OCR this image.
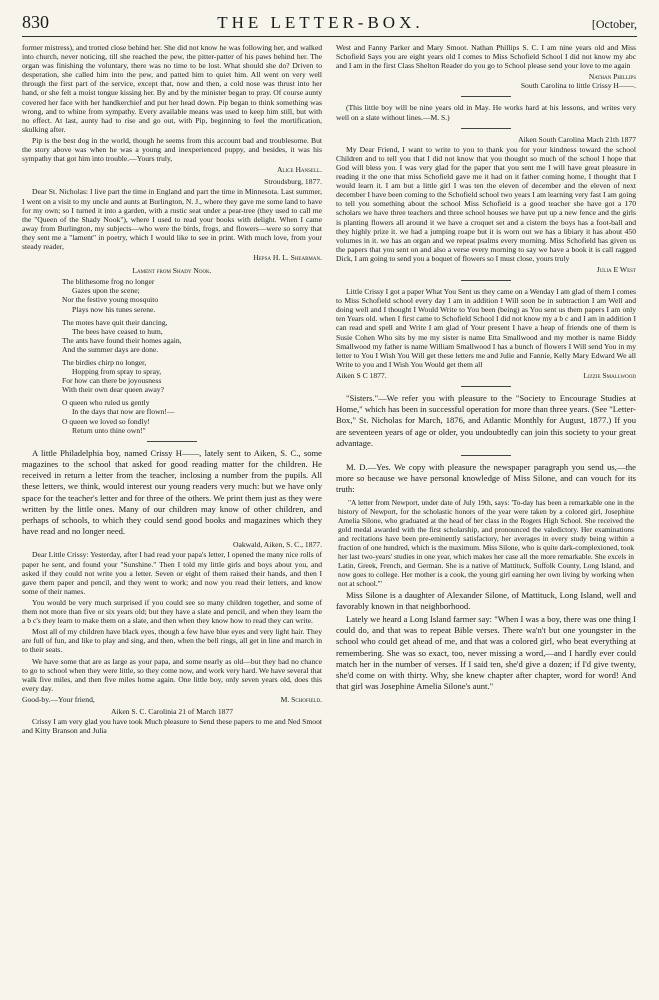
830	THE LETTER-BOX.	[October,

former mistress), and trotted close behind her. She did not know he was following her, and walked into church, never noticing, till she reached the pew, the pitter-patter of his paws behind her. The organ was finishing the voluntary, there was no time to be lost. What should she do? Driven to desperation, she called him into the pew, and patted him to quiet him. All went on very well through the first part of the service, except that, now and then, a cold nose was thrust into her hand, or she felt a moist tongue kissing her. By and by the minister began to pray. Of course aunty covered her face with her handkerchief and put her head down. Pip began to think something was wrong, and to whine from sympathy. Every available means was used to keep him still, but with no effect. At last, aunty had to rise and go out, with Pip, beginning to feel the mortification, skulking after.

Pip is the best dog in the world, though he seems from this account bad and troublesome. But the story above was when he was a young and inexperienced puppy, and besides, it was his sympathy that got him into trouble.—Yours truly,

Alice Hansell.
Stroudsburg, 1877.

Dear St. Nicholas: I live part the time in England and part the time in Minnesota. Last summer, I went on a visit to my uncle and aunts at Burlington, N. J., where they gave me some land to have for my own; so I turned it into a garden, with a rustic seat under a pear-tree (they used to call me the "Queen of the Shady Nook"), where I used to read your books with delight. When I came away from Burlington, my subjects—who were the birds, frogs, and flowers—were so sorry that they sent me a "lament" in poetry, which I would like to see in print. With much love, from your steady reader,

Hepsa H. L. Shearman.
Lament from Shady Nook.
The blithesome frog no longer
Gazes upon the scene;
Nor the festive young mosquito
Plays now his tunes serene.
The motes have quit their dancing,
The bees have ceased to hum,
The ants have found their homes again,
And the summer days are done.
The birdies chirp no longer,
Hopping from spray to spray,
For how can there be joyousness
With their own dear queen away?
O queen who ruled us gently
In the days that now are flown!—
O queen we loved so fondly!
Return unto thine own!"

A little Philadelphia boy, named Crissy H——, lately sent to Aiken, S. C., some magazines to the school that asked for good reading matter for the children. He received in return a letter from the teacher, inclosing a number from the pupils. All these letters, we think, would interest our young readers very much: but we have only space for the teacher's letter and for three of the others. We print them just as they were written by the little ones. Many of our children may know of other children, and perhaps of schools, to which they could send good books and magazines which they have read and no longer need.

Oakwald, Aiken, S. C., 1877.

Dear Little Crissy: Yesterday, after I had read your papa's letter, I opened the many nice rolls of paper he sent, and found your "Sunshine." Then I told my little girls and boys about you, and asked if they could not write you a letter. Seven or eight of them raised their hands, and then I gave them paper and pencil, and they went to work; and now you read their letters, and know some of their names.

You would be very much surprised if you could see so many children together, and some of them not more than five or six years old; but they have a slate and pencil, and when they learn the a b c's they learn to make them on a slate, and then when they know how to read they can write.

Most all of my children have black eyes, though a few have blue eyes and very light hair. They are full of fun, and like to play and sing, and then, when the bell rings, all get in line and march in to their seats.

We have some that are as large as your papa, and some nearly as old—but they had no chance to go to school when they were little, so they come now, and work very hard. We have several that walk five miles, and then five miles home again. One little boy, only seven years old, does this every day.

Good-by.—Your friend,	M. Schofield.
Aiken S. C. Carolinia 21 of March 1877

Crissy I am very glad you have took Much pleasure to Send these papers to me and Ned Smoot and Kitty Branson and Julia

West and Fanny Parker and Mary Smoot. Nathan Phillips S. C. I am nine years old and Miss Schofield Says you are eight years old I comes to Miss Schofield School I did not know my abc and I am in the first Class Shelton Reader do you go to School please send your love to me again

Nathan Phillips
South Carolina to little Crissy H——.

(This little boy will be nine years old in May. He works hard at his lessons, and writes very well on a slate without lines.—M. S.)

Aiken South Carolina Mach 21th 1877

My Dear Friend, I want to write to you to thank you for your kindness toward the school Children and to tell you that I did not know that you thought so much of the school I hope that God will bless you. I was very glad for the paper that you sent me I will have great pleasure in reading it the one that miss Schofield gave me it had on it father coming home, I thought that I would learn it. I am but a little girl I was ten the eleven of december and the eleven of next december I have been coming to the Schofield school two years I am learning very fast I am going to tell you something about the school Miss Schofield is a good teacher she have got a 170 scholars we have three teachers and three school houses we have put up a new fence and the girls is planting flowers all around it we have a croquet set and a cistern the boys has a foot-ball and they highly prize it. we had a jumping roape but it is worn out we has a libiary it has about 450 volumes in it. we has an organ and we repeat psalms every morning. Miss Schofield has given us the papers that you sent on and also a verse every morning to say we have a book it is call ragged Dick, I am going to send you a boquet of flowers so I must close, yours truly

Julia E West

Little Crissy I got a paper What You Sent us they came on a Wenday I am glad of them I comes to Miss Schofield school every day I am in addition I Will soon be in subtraction I am Well and doing well and I thought I Would Write to You been (being) as You sent us them papers I am only ten Years old. when I first came to Schofield School I did not know my a b c and I am in addition I can read and spell and Write I am glad of Your present I have a heap of friends one of them is Susie Cohen Who sits by me my sister is name Etta Smallwood and my mother is name Biddy Smallwood my father is name William Smallwood I has a bunch of flowers I Will send You in my letter to You I Wish You Will get these letters me and Julie and Fannie, Kelly Mary Edward We all Write to you and I Wish You Would get them all

Aiken S C 1877.	Lizzie Smallwood

"Sisters."—We refer you with pleasure to the "Society to Encourage Studies at Home," which has been in successful operation for more than three years. (See "Letter-Box," St. Nicholas for March, 1876, and Atlantic Monthly for August, 1877.) If you are seventeen years of age or older, you undoubtedly can join this society to your great advantage.

M. D.—Yes. We copy with pleasure the newspaper paragraph you send us,—the more so because we have personal knowledge of Miss Silone, and can vouch for its truth:

"A letter from Newport, under date of July 19th, says: 'To-day has been a remarkable one in the history of Newport, for the scholastic honors of the year were taken by a colored girl, Josephine Amelia Silone, who graduated at the head of her class in the Rogers High School. She received the gold medal awarded with the first scholarship, and pronounced the valedictory. Her examinations and recitations have been pre-eminently satisfactory, her averages in every study being within a fraction of one hundred, which is the maximum. Miss Silone, who is quite dark-complexioned, took her last two-years' studies in one year, which makes her case all the more remarkable. She excels in Latin, Greek, French, and German. She is a native of Mattituck, Suffolk County, Long Island, and now goes to college. Her mother is a cook, the young girl earning her own living by working when not at school.'"

Miss Silone is a daughter of Alexander Silone, of Mattituck, Long Island, well and favorably known in that neighborhood.

Lately we heard a Long Island farmer say: "When I was a boy, there was one thing I could do, and that was to repeat Bible verses. There wa'n't but one youngster in the school who could get ahead of me, and that was a colored girl, who beat everything at remembering. She was so exact, too, never missing a word,—and I hardly ever could match her in the number of verses. If I said ten, she'd give a dozen; if I'd give twenty, she'd come on with thirty. Why, she knew chapter after chapter, word for word! And that girl was Josephine Amelia Silone's aunt."
